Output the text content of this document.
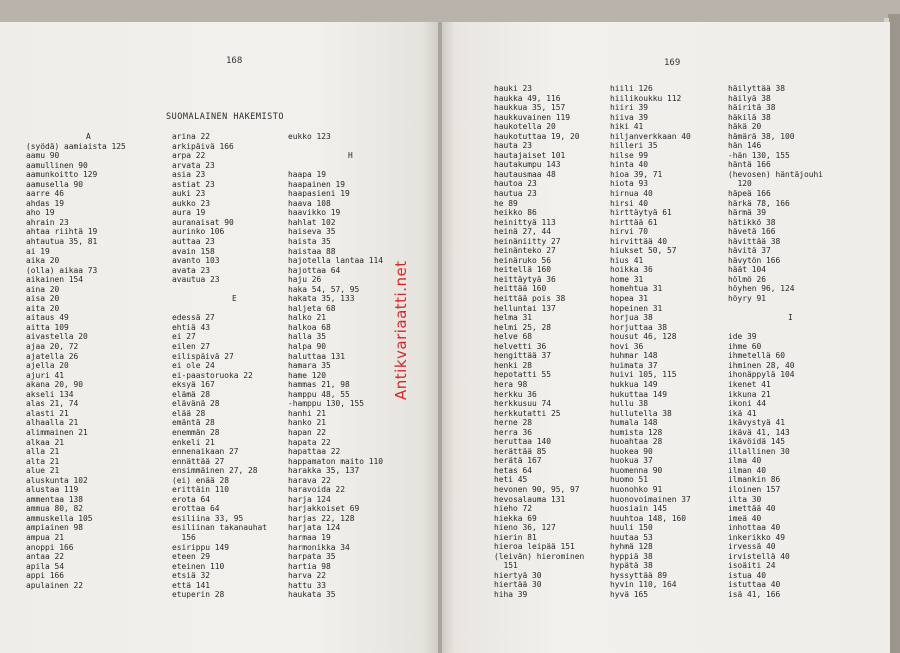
168
SUOMALAINEN HAKEMISTO
A
(syödä) aamiaista 125
aamu 90
aamullinen 90
aamunkoitto 129
aamusella 90
aarre 46
ahdas 19
aho 19
ahrain 23
ahtaa riihtä 19
ahtautua 35, 81
ai 19
aika 20
(olla) aikaa 73
aikainen 154
aina 20
aisa 20
aita 20
aitaus 49
aitta 109
aivastella 20
ajaa 20, 72
ajatella 26
ajella 20
ajuri 41
akana 20, 90
akseli 134
alas 21, 74
alasti 21
alhaalla 21
alimmainen 21
alkaa 21
alla 21
alta 21
alue 21
aluskunta 102
alustaa 119
ammentaa 138
ammua 80, 82
ammuskella 105
ampiainen 98
ampua 21
anoppi 166
antaa 22
apila 54
appi 166
apulainen 22
arina 22
arkipäivä 166
arpa 22
arvata 23
asia 23
astiat 23
auki 23
aukko 23
aura 19
auranaisat 90
aurinko 106
auttaa 23
avain 158
avanto 103
avata 23
avautua 23
E
edessä 27
ehtiä 43
ei 27
eilen 27
eilispäivä 27
ei ole 24
ei-paastoruoka 22
eksyä 167
elämä 28
elävänä 28
elää 28
emäntä 28
enemmän 28
enkeli 21
ennenaikaan 27
ennättää 27
ensimmäinen 27, 28
(ei) enää 28
erittäin 110
erota 64
erottaa 64
esiliina 33, 95
esiliinan takanauhat
156
esirippu 149
eteen 29
eteinen 110
etsiä 32
että 141
etuperin 28
eukko 123
H
haapa 19
haapainen 19
haapasieni 19
haava 108
haavikko 19
hahlat 102
haiseva 35
haista 35
haistaa 88
hajotella lantaa 114
hajottaa 64
haju 26
haka 54, 57, 95
hakata 35, 133
haljeta 68
halko 21
halkoa 68
halla 35
halpa 90
haluttaa 131
hamara 35
hame 120
hammas 21, 98
hamppu 48, 55
-hamppu 130, 155
hanhi 21
hanko 21
hapan 22
hapata 22
hapattaa 22
happamaton maito 110
harakka 35, 137
harava 22
haravoida 22
harja 124
harjakkoiset 69
harjas 22, 128
harjata 124
harmaa 19
harmonikka 34
harpata 35
hartia 98
harva 22
hattu 33
haukata 35
169
hauki 23
haukka 49, 116
haukkua 35, 157
haukkuvainen 119
haukotella 20
haukotuttaa 19, 20
hauta 23
hautajaiset 101
hautakumpu 143
hautausmaa 48
hautoa 23
hautua 23
he 89
heikko 86
heinittyä 113
heinä 27, 44
heinäniitty 27
heinänteko 27
heinäruko 56
heitellä 160
heittäytyä 36
heittää 160
heittää pois 38
helluntai 137
helma 31
helmi 25, 28
helve 68
helvetti 36
hengittää 37
henki 28
hepotatti 55
hera 98
herkku 36
herkkusuu 74
herkkutatti 25
herne 28
herra 36
heruttaa 140
herättää 85
herätä 167
hetas 64
heti 45
hevonen 90, 95, 97
hevosalauma 131
hieho 72
hiekka 69
hieno 36, 127
hierin 81
hieroa leipää 151
(leivän) hierominen
151
hiertyä 30
hiertää 30
hiha 39
hiili 126
hiilikoukku 112
hiiri 39
hiiva 39
hiki 41
hiljanverkkaan 40
hilleri 35
hilse 99
hinta 40
hioa 39, 71
hiota 93
hirnua 40
hirsi 40
hirttäytyä 61
hirttää 61
hirvi 70
hirvittää 40
hiukset 50, 57
hius 41
hoikka 36
home 31
homehtua 31
hopea 31
hopeinen 31
horjua 38
horjuttaa 38
housut 46, 128
hovi 36
huhmar 148
huimata 37
huivi 105, 115
hukkua 149
hukuttaa 149
hullu 38
hullutella 38
humala 148
humista 128
huoahtaa 28
huokea 90
huokua 37
huomenna 90
huomo 51
huonohko 91
huonovoimainen 37
huosiain 145
huuhtoa 148, 160
huuli 150
huutaa 53
hyhmä 128
hyppiä 38
hypätä 38
hyssyttää 89
hyvin 110, 164
hyvä 165
häilyttää 38
häilyä 38
häiritä 38
häkilä 38
häkä 20
hämärä 38, 100
hän 146
-hän 130, 155
häntä 166
(hevosen) häntäjouhi
120
häpeä 166
härkä 78, 166
härmä 39
hätikkö 38
hävetä 166
hävittää 38
hävitä 37
hävytön 166
häät 104
hölmö 26
höyhen 96, 124
höyry 91
I
ide 39
ihme 60
ihmetellä 60
ihminen 28, 40
ihonäppylä 104
ikenet 41
ikkuna 21
ikoni 44
ikä 41
ikävystyä 41
ikävä 41, 143
ikävöidä 145
illallinen 30
ilma 40
ilman 40
ilmankin 86
iloinen 157
ilta 30
imettää 40
imeä 40
inhottaa 40
inkerikko 49
irvessä 40
irvistellä 40
isoäiti 24
istua 40
istuttaa 40
isä 41, 166
Antikvariaatti.net
